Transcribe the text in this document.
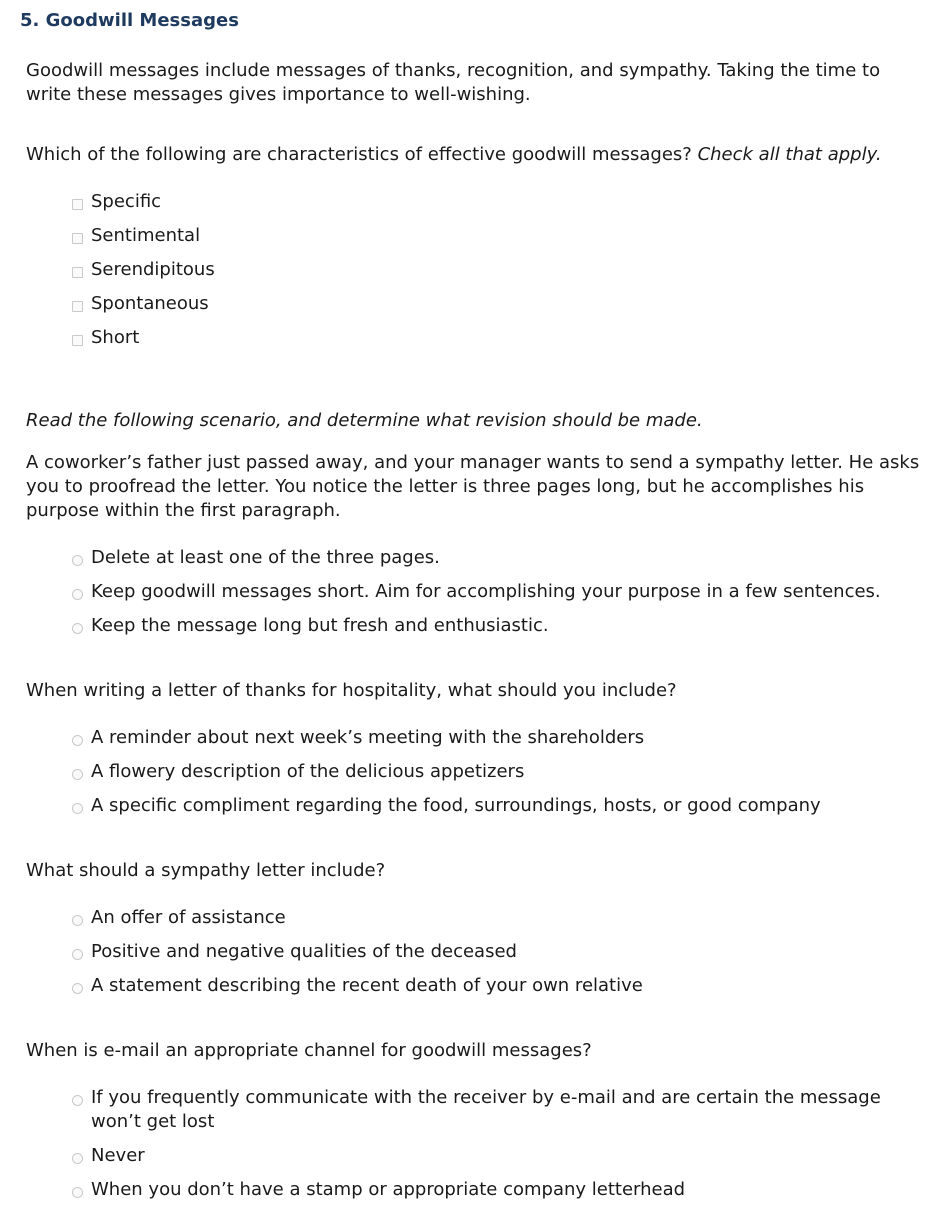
5. Goodwill Messages
Goodwill messages include messages of thanks, recognition, and sympathy. Taking the time to write these messages gives importance to well-wishing.
Which of the following are characteristics of effective goodwill messages? Check all that apply.
Specific
Sentimental
Serendipitous
Spontaneous
Short
Read the following scenario, and determine what revision should be made.
A coworker’s father just passed away, and your manager wants to send a sympathy letter. He asks you to proofread the letter. You notice the letter is three pages long, but he accomplishes his purpose within the first paragraph.
Delete at least one of the three pages.
Keep goodwill messages short. Aim for accomplishing your purpose in a few sentences.
Keep the message long but fresh and enthusiastic.
When writing a letter of thanks for hospitality, what should you include?
A reminder about next week’s meeting with the shareholders
A flowery description of the delicious appetizers
A specific compliment regarding the food, surroundings, hosts, or good company
What should a sympathy letter include?
An offer of assistance
Positive and negative qualities of the deceased
A statement describing the recent death of your own relative
When is e-mail an appropriate channel for goodwill messages?
If you frequently communicate with the receiver by e-mail and are certain the message won’t get lost
Never
When you don’t have a stamp or appropriate company letterhead
